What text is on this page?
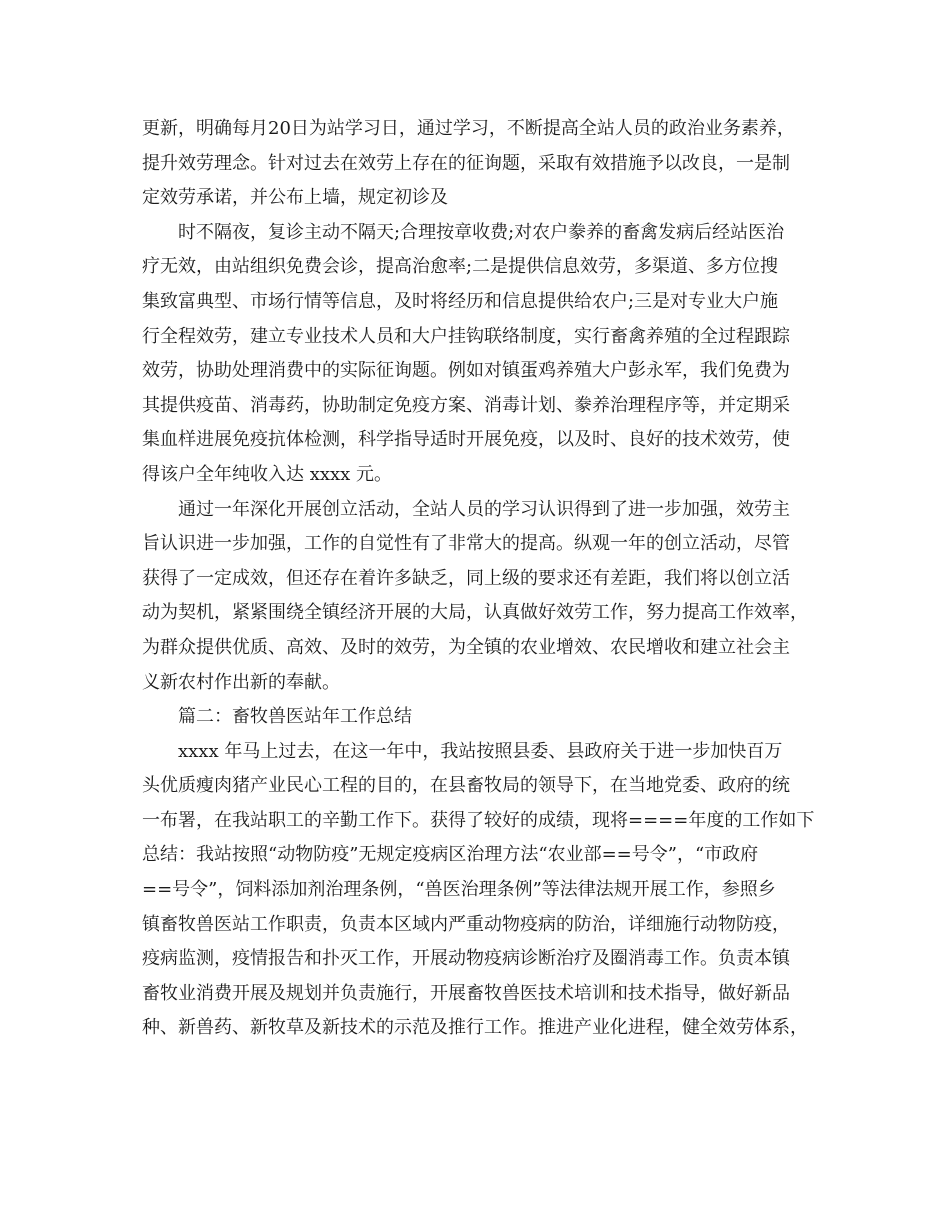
更新，明确每月20日为站学习日，通过学习，不断提高全站人员的政治业务素养，
提升效劳理念。针对过去在效劳上存在的征询题，采取有效措施予以改良，一是制
定效劳承诺，并公布上墙，规定初诊及
时不隔夜，复诊主动不隔天;合理按章收费;对农户豢养的畜禽发病后经站医治
疗无效，由站组织免费会诊，提高治愈率;二是提供信息效劳，多渠道、多方位搜
集致富典型、市场行情等信息，及时将经历和信息提供给农户;三是对专业大户施
行全程效劳，建立专业技术人员和大户挂钩联络制度，实行畜禽养殖的全过程跟踪
效劳，协助处理消费中的实际征询题。例如对镇蛋鸡养殖大户彭永军，我们免费为
其提供疫苗、消毒药，协助制定免疫方案、消毒计划、豢养治理程序等，并定期采
集血样进展免疫抗体检测，科学指导适时开展免疫，以及时、良好的技术效劳，使
得该户全年纯收入达 xxxx 元。
通过一年深化开展创立活动，全站人员的学习认识得到了进一步加强，效劳主
旨认识进一步加强，工作的自觉性有了非常大的提高。纵观一年的创立活动，尽管
获得了一定成效，但还存在着许多缺乏，同上级的要求还有差距，我们将以创立活
动为契机，紧紧围绕全镇经济开展的大局，认真做好效劳工作，努力提高工作效率，
为群众提供优质、高效、及时的效劳，为全镇的农业增效、农民增收和建立社会主
义新农村作出新的奉献。
篇二：畜牧兽医站年工作总结
xxxx 年马上过去，在这一年中，我站按照县委、县政府关于进一步加快百万
头优质瘦肉猪产业民心工程的目的，在县畜牧局的领导下，在当地党委、政府的统
一布署，在我站职工的辛勤工作下。获得了较好的成绩，现将====年度的工作如下
总结：我站按照“动物防疫”无规定疫病区治理方法“农业部==号令”，“市政府
==号令”，饲料添加剂治理条例，“兽医治理条例”等法律法规开展工作，参照乡
镇畜牧兽医站工作职责，负责本区域内严重动物疫病的防治，详细施行动物防疫，
疫病监测，疫情报告和扑灭工作，开展动物疫病诊断治疗及圈消毒工作。负责本镇
畜牧业消费开展及规划并负责施行，开展畜牧兽医技术培训和技术指导，做好新品
种、新兽药、新牧草及新技术的示范及推行工作。推进产业化进程，健全效劳体系，
